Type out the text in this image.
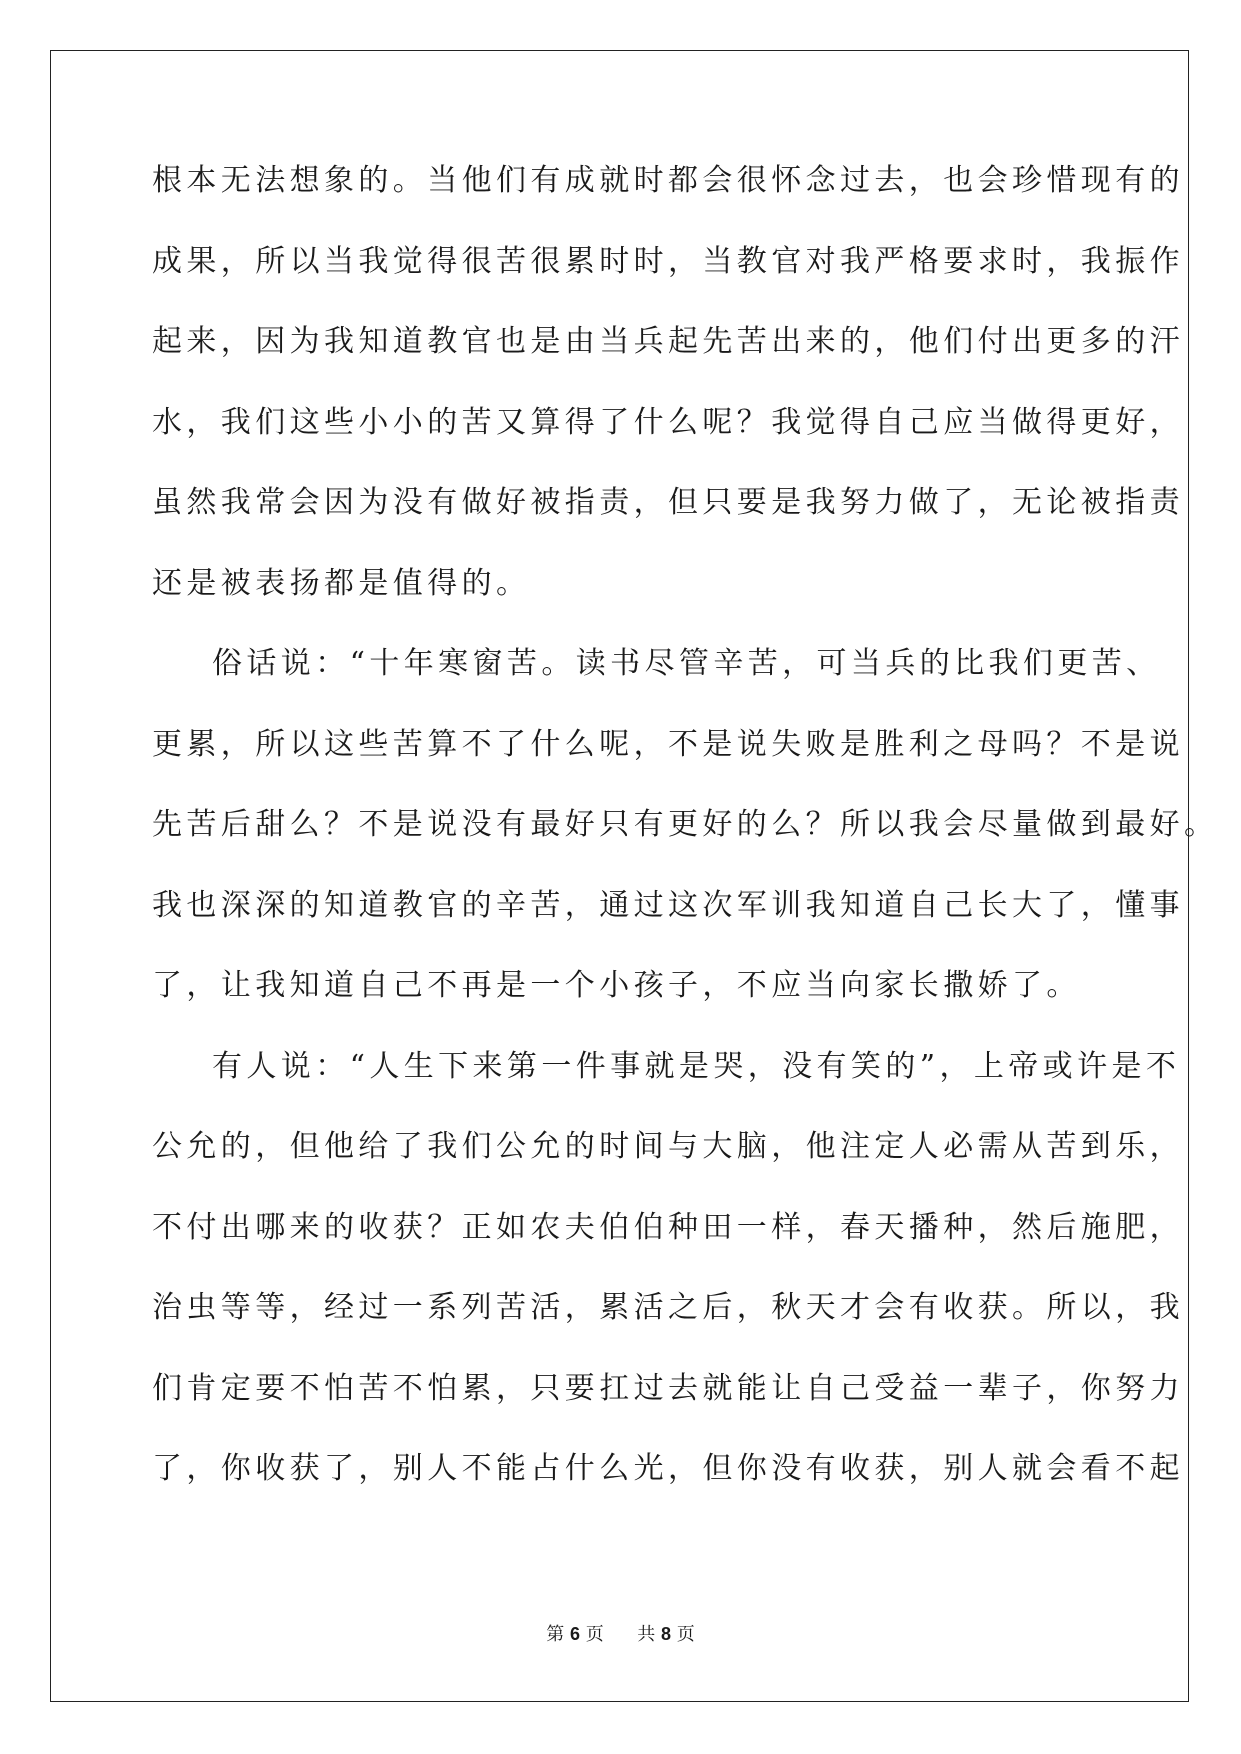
根本无法想象的。当他们有成就时都会很怀念过去，也会珍惜现有的
成果，所以当我觉得很苦很累时时，当教官对我严格要求时，我振作
起来，因为我知道教官也是由当兵起先苦出来的，他们付出更多的汗
水，我们这些小小的苦又算得了什么呢？我觉得自己应当做得更好，
虽然我常会因为没有做好被指责，但只要是我努力做了，无论被指责
还是被表扬都是值得的。
俗话说：“十年寒窗苦。读书尽管辛苦，可当兵的比我们更苦、
更累，所以这些苦算不了什么呢，不是说失败是胜利之母吗？不是说
先苦后甜么？不是说没有最好只有更好的么？所以我会尽量做到最好。
我也深深的知道教官的辛苦，通过这次军训我知道自己长大了，懂事
了，让我知道自己不再是一个小孩子，不应当向家长撒娇了。
有人说：“人生下来第一件事就是哭，没有笑的”，上帝或许是不
公允的，但他给了我们公允的时间与大脑，他注定人必需从苦到乐，
不付出哪来的收获？正如农夫伯伯种田一样，春天播种，然后施肥，
治虫等等，经过一系列苦活，累活之后，秋天才会有收获。所以，我
们肯定要不怕苦不怕累，只要扛过去就能让自己受益一辈子，你努力
了，你收获了，别人不能占什么光，但你没有收获，别人就会看不起
第 6 页 共 8 页
